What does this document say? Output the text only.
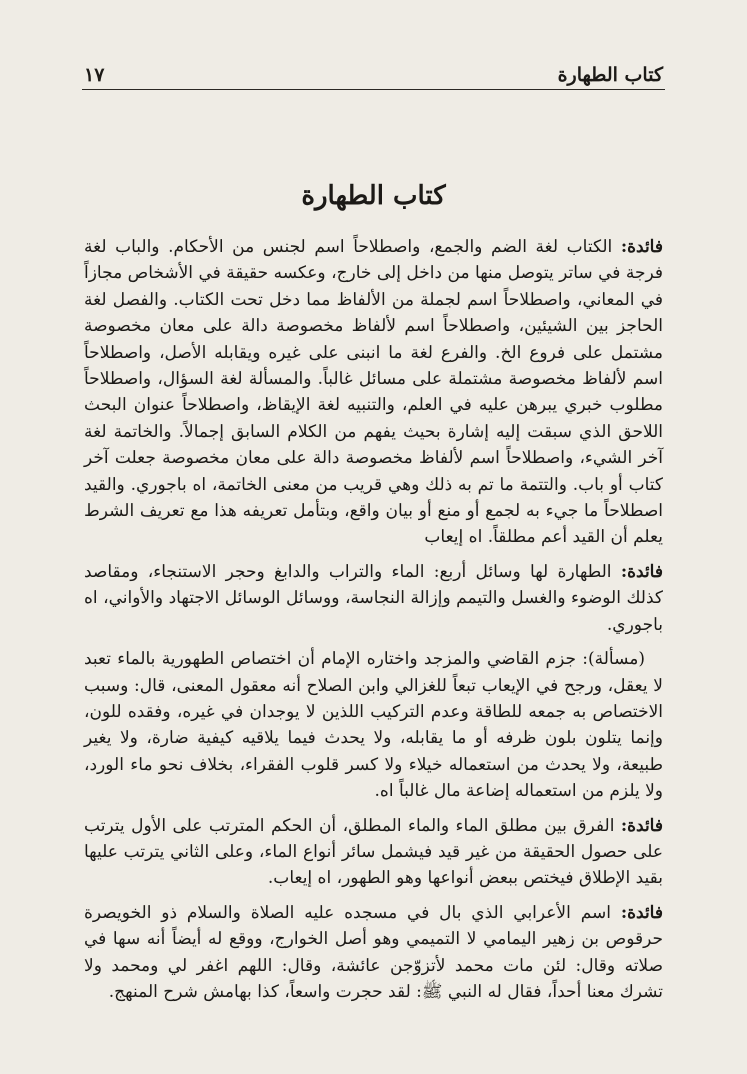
كتاب الطهارة
١٧
كتاب الطهارة

فائدة: الكتاب لغة الضم والجمع، واصطلاحاً اسم لجنس من الأحكام. والباب لغة فرجة في ساتر يتوصل منها من داخل إلى خارج، وعكسه حقيقة في الأشخاص مجازاً في المعاني، واصطلاحاً اسم لجملة من الألفاظ مما دخل تحت الكتاب. والفصل لغة الحاجز بين الشيئين، واصطلاحاً اسم لألفاظ مخصوصة دالة على معان مخصوصة مشتمل على فروع الخ. والفرع لغة ما انبنى على غيره ويقابله الأصل، واصطلاحاً اسم لألفاظ مخصوصة مشتملة على مسائل غالباً. والمسألة لغة السؤال، واصطلاحاً مطلوب خبري يبرهن عليه في العلم، والتنبيه لغة الإيقاظ، واصطلاحاً عنوان البحث اللاحق الذي سبقت إليه إشارة بحيث يفهم من الكلام السابق إجمالاً. والخاتمة لغة آخر الشيء، واصطلاحاً اسم لألفاظ مخصوصة دالة على معان مخصوصة جعلت آخر كتاب أو باب. والتتمة ما تم به ذلك وهي قريب من معنى الخاتمة، اه باجوري. والقيد اصطلاحاً ما جيء به لجمع أو منع أو بيان واقع، وبتأمل تعريفه هذا مع تعريف الشرط يعلم أن القيد أعم مطلقاً. اه إيعاب

فائدة: الطهارة لها وسائل أربع: الماء والتراب والدابغ وحجر الاستنجاء، ومقاصد كذلك الوضوء والغسل والتيمم وإزالة النجاسة، ووسائل الوسائل الاجتهاد والأواني، اه باجوري.

(مسألة): جزم القاضي والمزجد واختاره الإمام أن اختصاص الطهورية بالماء تعبد لا يعقل، ورجح في الإيعاب تبعاً للغزالي وابن الصلاح أنه معقول المعنى، قال: وسبب الاختصاص به جمعه للطاقة وعدم التركيب اللذين لا يوجدان في غيره، وفقده للون، وإنما يتلون بلون ظرفه أو ما يقابله، ولا يحدث فيما يلاقيه كيفية ضارة، ولا يغير طبيعة، ولا يحدث من استعماله خيلاء ولا كسر قلوب الفقراء، بخلاف نحو ماء الورد، ولا يلزم من استعماله إضاعة مال غالباً اه.

فائدة: الفرق بين مطلق الماء والماء المطلق، أن الحكم المترتب على الأول يترتب على حصول الحقيقة من غير قيد فيشمل سائر أنواع الماء، وعلى الثاني يترتب عليها بقيد الإطلاق فيختص ببعض أنواعها وهو الطهور، اه إيعاب.

فائدة: اسم الأعرابي الذي بال في مسجده عليه الصلاة والسلام ذو الخويصرة حرقوص بن زهير اليمامي لا التميمي وهو أصل الخوارج، ووقع له أيضاً أنه سها في صلاته وقال: لئن مات محمد لأتزوّجن عائشة، وقال: اللهم اغفر لي ومحمد ولا تشرك معنا أحداً، فقال له النبي ﷺ: لقد حجرت واسعاً، كذا بهامش شرح المنهج.
